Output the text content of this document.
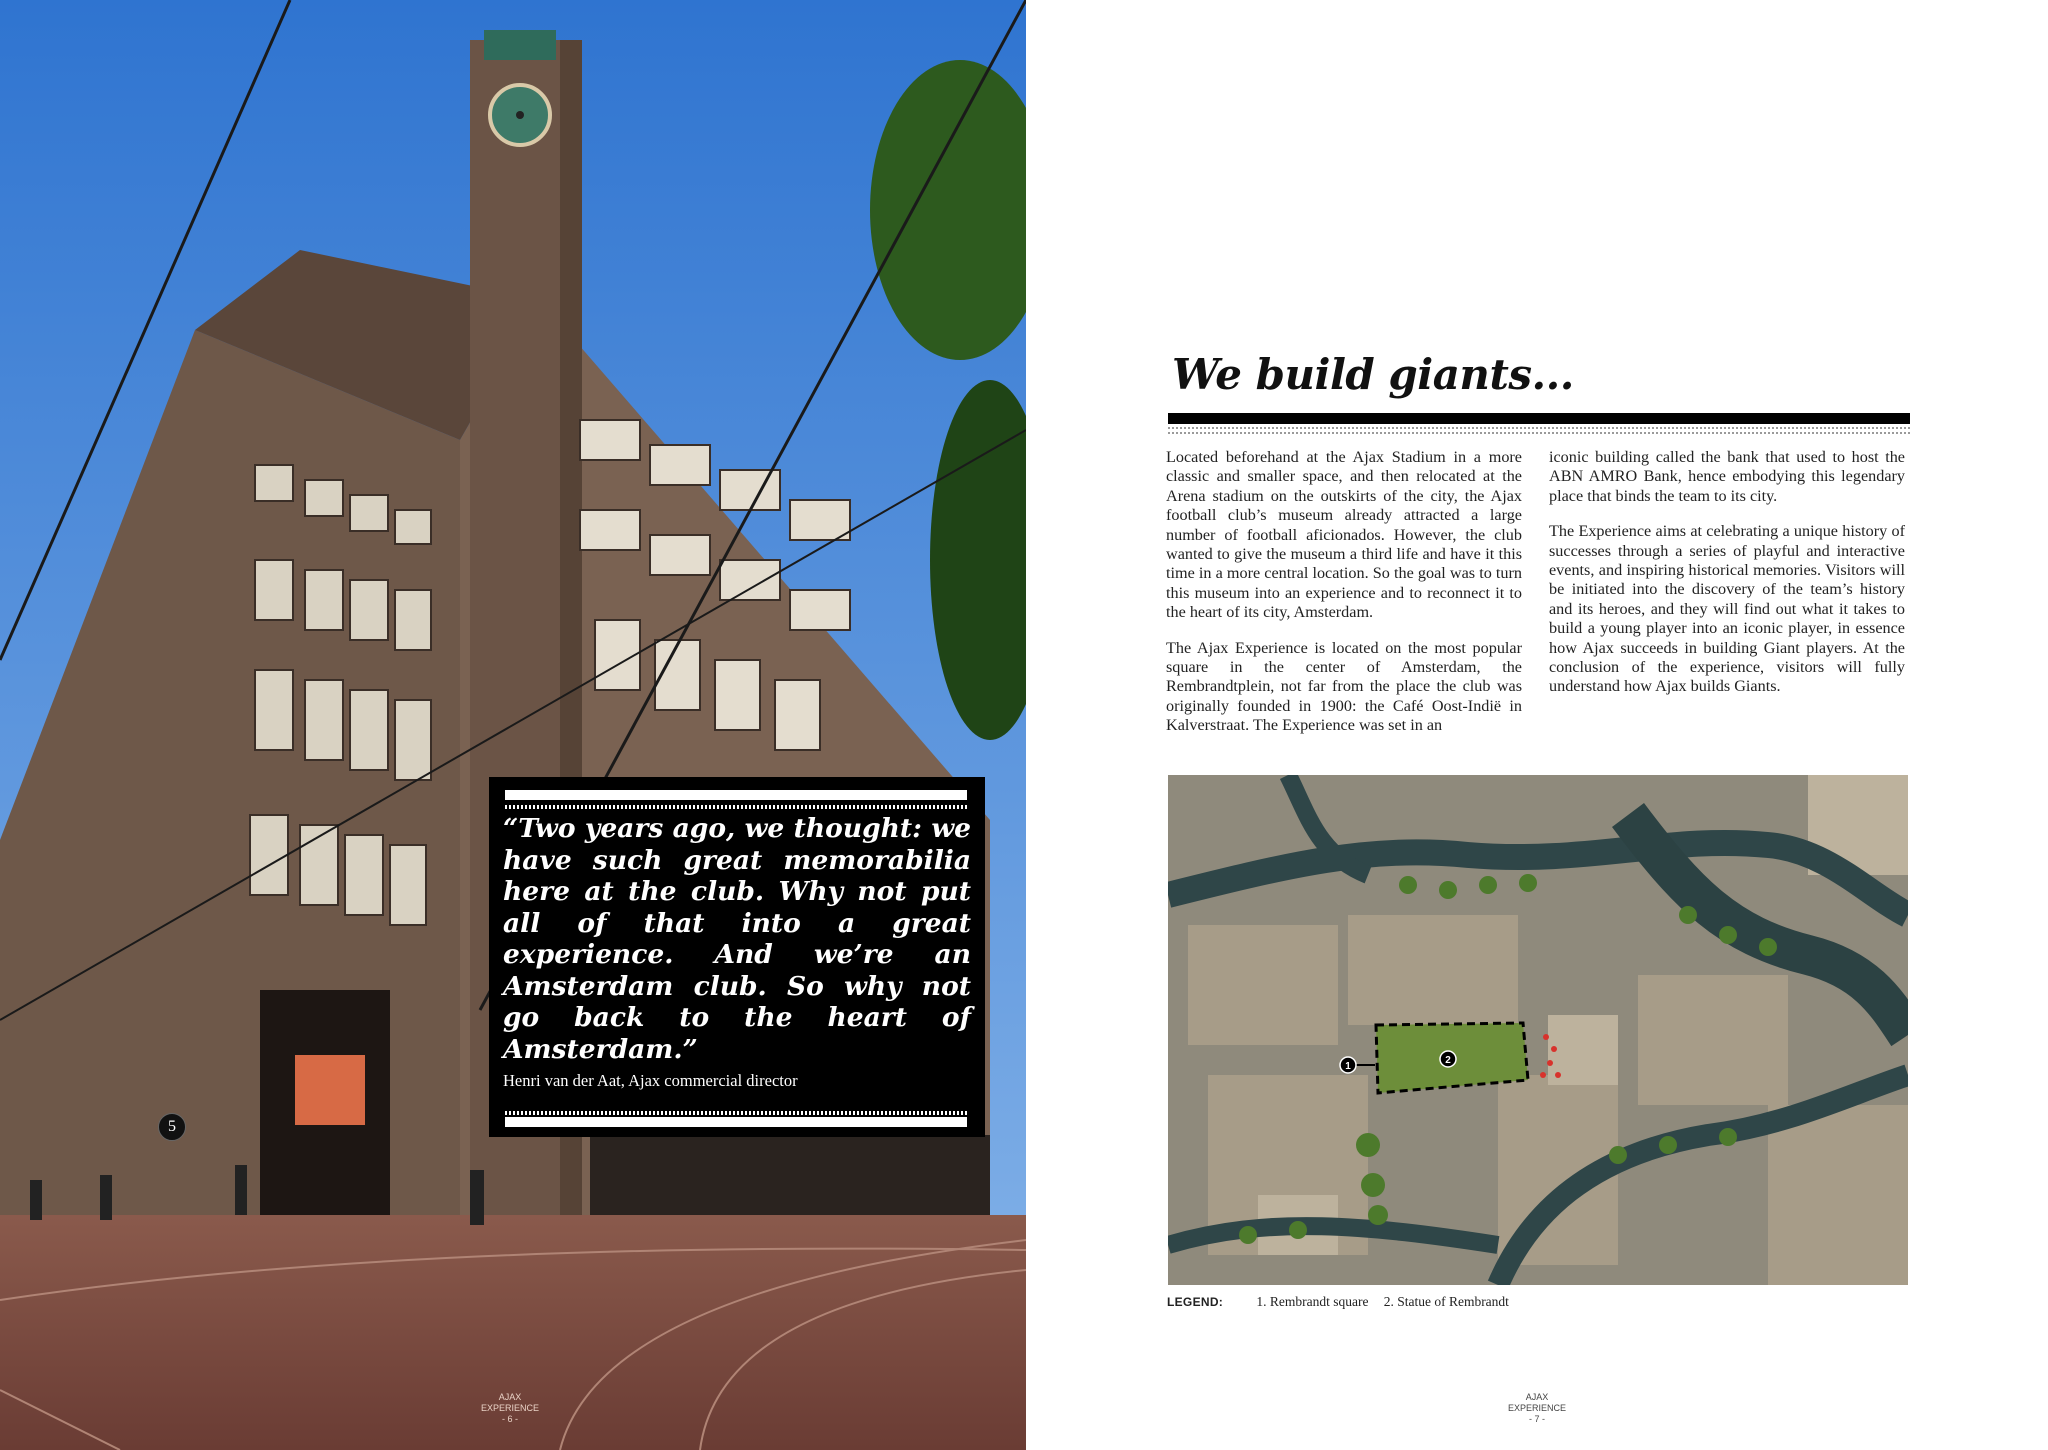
5
“Two years ago, we thought: we have such great memorabilia here at the club. Why not put all of that into a great experience. And we’re an Amsterdam club. So why not go back to the heart of Amsterdam.”
Henri van der Aat, Ajax commercial director
AJAX EXPERIENCE
- 6 -
We build giants...

Located beforehand at the Ajax Stadium in a more classic and smaller space, and then relocated at the Arena stadium on the outskirts of the city, the Ajax football club’s museum already attracted a large number of football aficionados. However, the club wanted to give the museum a third life and have it this time in a more central location. So the goal was to turn this museum into an experience and to reconnect it to the heart of its city, Amsterdam.

The Ajax Experience is located on the most popular square in the center of Amsterdam, the Rembrandtplein, not far from the place the club was originally founded in 1900: the Café Oost-Indië in Kalverstraat. The Experience was set in an

iconic building called the bank that used to host the ABN AMRO Bank, hence embodying this legendary place that binds the team to its city.

The Experience aims at celebrating a unique history of successes through a series of playful and interactive events, and inspiring historical memories. Visitors will be initiated into the discovery of the team’s history and its heroes, and they will find out what it takes to build a young player into an iconic player, in essence how Ajax succeeds in building Giant players. At the conclusion of the experience, visitors will fully understand how Ajax builds Giants.

1
2
LEGEND: 1. Rembrandt square 2. Statue of Rembrandt
AJAX EXPERIENCE
- 7 -
